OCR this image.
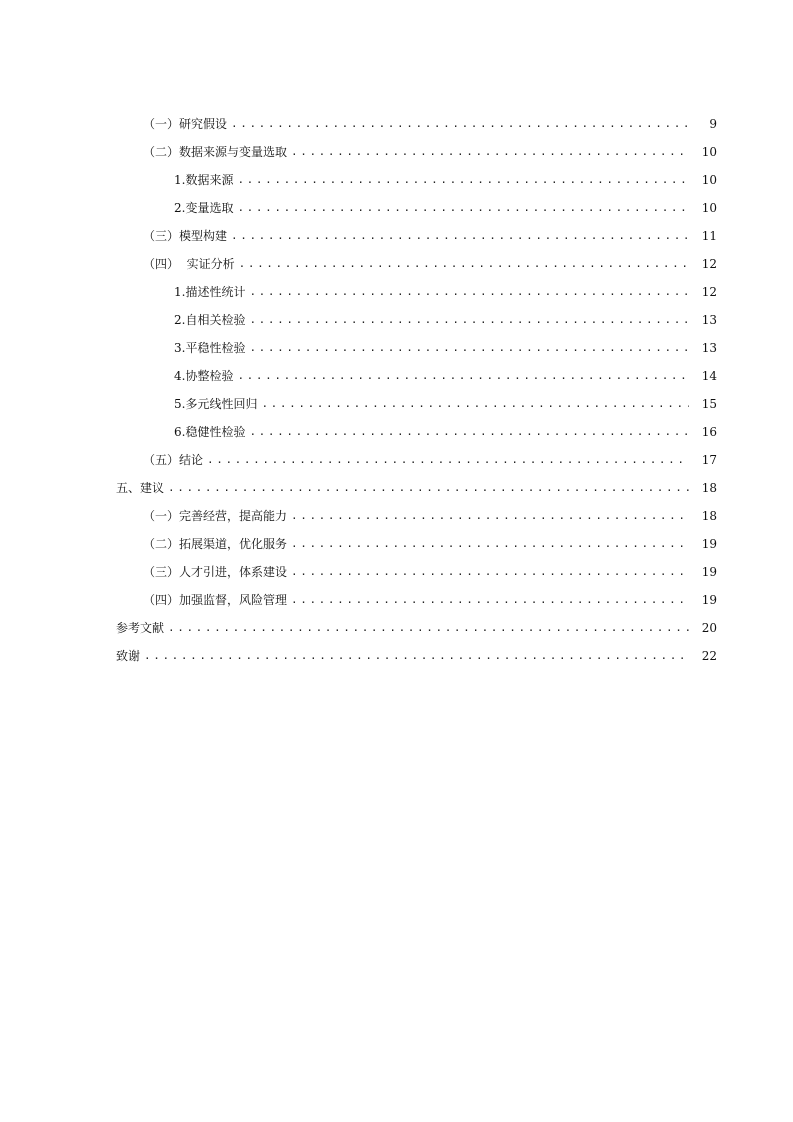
（一）研究假设 .....	9
（二）数据来源与变量选取 .....	10
1.数据来源 .....	10
2.变量选取 .....	10
（三）模型构建 .....	11
（四）  实证分析 .....	12
1.描述性统计 .....	12
2.自相关检验 .....	13
3.平稳性检验 .....	13
4.协整检验 .....	14
5.多元线性回归 .....	15
6.稳健性检验 .....	16
（五）结论 .....	17
五、建议 .....	18
（一）完善经营，提高能力 .....	18
（二）拓展渠道，优化服务 .....	19
（三）人才引进，体系建设 .....	19
（四）加强监督，风险管理 .....	19
参考文献 .....	20
致谢 .....	22
